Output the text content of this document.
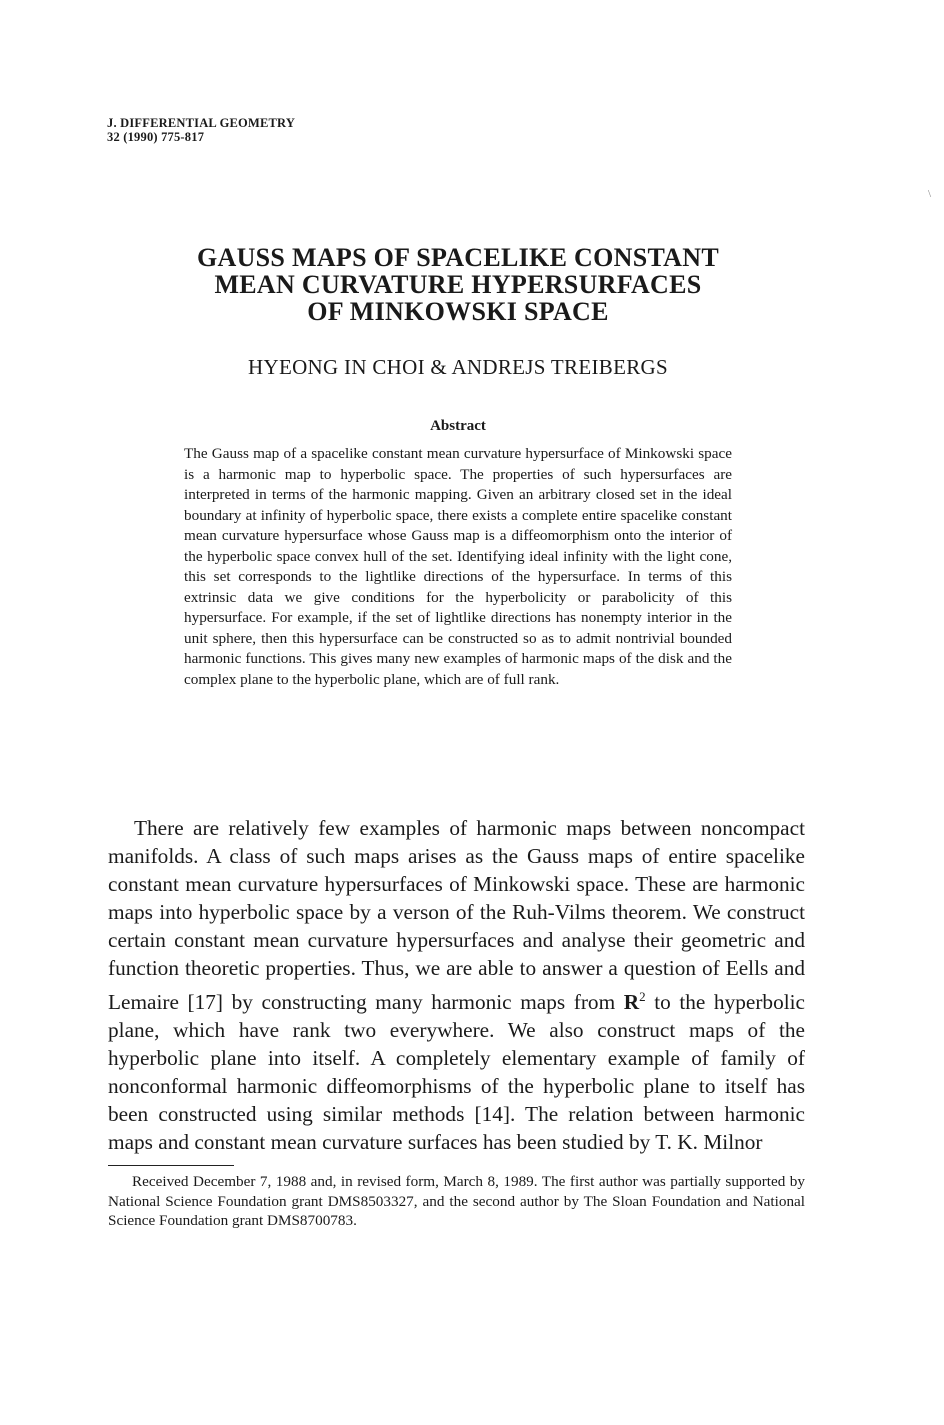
J. DIFFERENTIAL GEOMETRY
32 (1990) 775-817
GAUSS MAPS OF SPACELIKE CONSTANT
MEAN CURVATURE HYPERSURFACES
OF MINKOWSKI SPACE
HYEONG IN CHOI & ANDREJS TREIBERGS
Abstract
The Gauss map of a spacelike constant mean curvature hypersurface of Minkowski space is a harmonic map to hyperbolic space. The properties of such hypersurfaces are interpreted in terms of the harmonic mapping. Given an arbitrary closed set in the ideal boundary at infinity of hyperbolic space, there exists a complete entire spacelike constant mean curvature hypersurface whose Gauss map is a diffeomorphism onto the interior of the hyperbolic space convex hull of the set. Identifying ideal infinity with the light cone, this set corresponds to the lightlike directions of the hypersurface. In terms of this extrinsic data we give conditions for the hyperbolicity or parabolicity of this hypersurface. For example, if the set of lightlike directions has nonempty interior in the unit sphere, then this hypersurface can be constructed so as to admit nontrivial bounded harmonic functions. This gives many new examples of harmonic maps of the disk and the complex plane to the hyperbolic plane, which are of full rank.
There are relatively few examples of harmonic maps between noncompact manifolds. A class of such maps arises as the Gauss maps of entire spacelike constant mean curvature hypersurfaces of Minkowski space. These are harmonic maps into hyperbolic space by a verson of the Ruh-Vilms theorem. We construct certain constant mean curvature hypersurfaces and analyse their geometric and function theoretic properties. Thus, we are able to answer a question of Eells and Lemaire [17] by constructing many harmonic maps from $R^2$ to the hyperbolic plane, which have rank two everywhere. We also construct maps of the hyperbolic plane into itself. A completely elementary example of family of nonconformal harmonic diffeomorphisms of the hyperbolic plane to itself has been constructed using similar methods [14]. The relation between harmonic maps and constant mean curvature surfaces has been studied by T. K. Milnor
Received December 7, 1988 and, in revised form, March 8, 1989. The first author was partially supported by National Science Foundation grant DMS8503327, and the second author by The Sloan Foundation and National Science Foundation grant DMS8700783.
\
